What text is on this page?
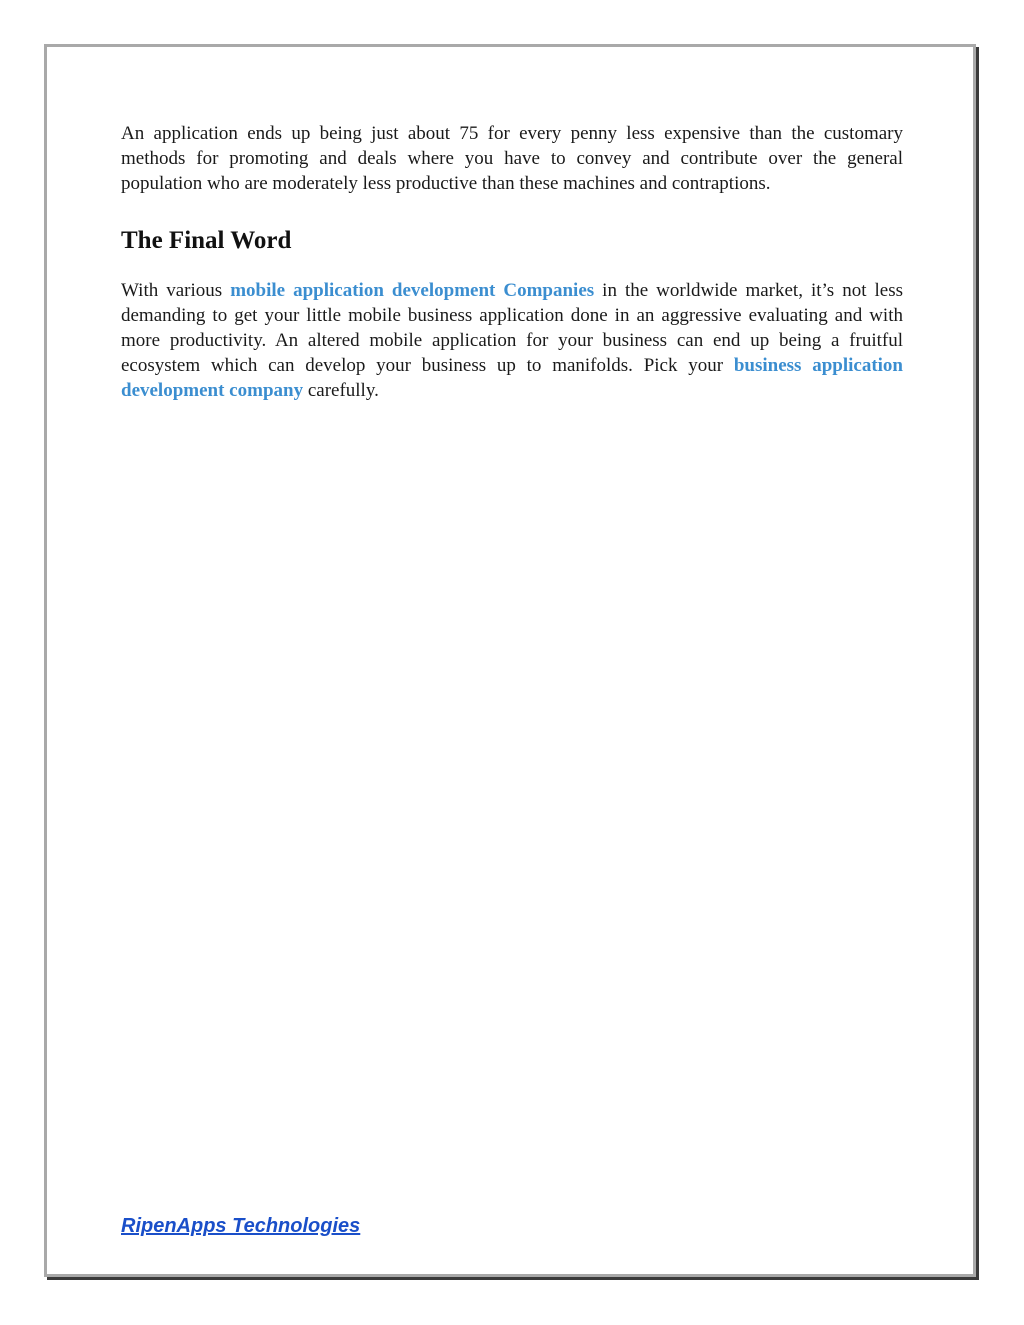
An application ends up being just about 75 for every penny less expensive than the customary methods for promoting and deals where you have to convey and contribute over the general population who are moderately less productive than these machines and contraptions.

The Final Word

With various mobile application development Companies in the worldwide market, it’s not less demanding to get your little mobile business application done in an aggressive evaluating and with more productivity. An altered mobile application for your business can end up being a fruitful ecosystem which can develop your business up to manifolds. Pick your business application development company carefully.

RipenApps Technologies
